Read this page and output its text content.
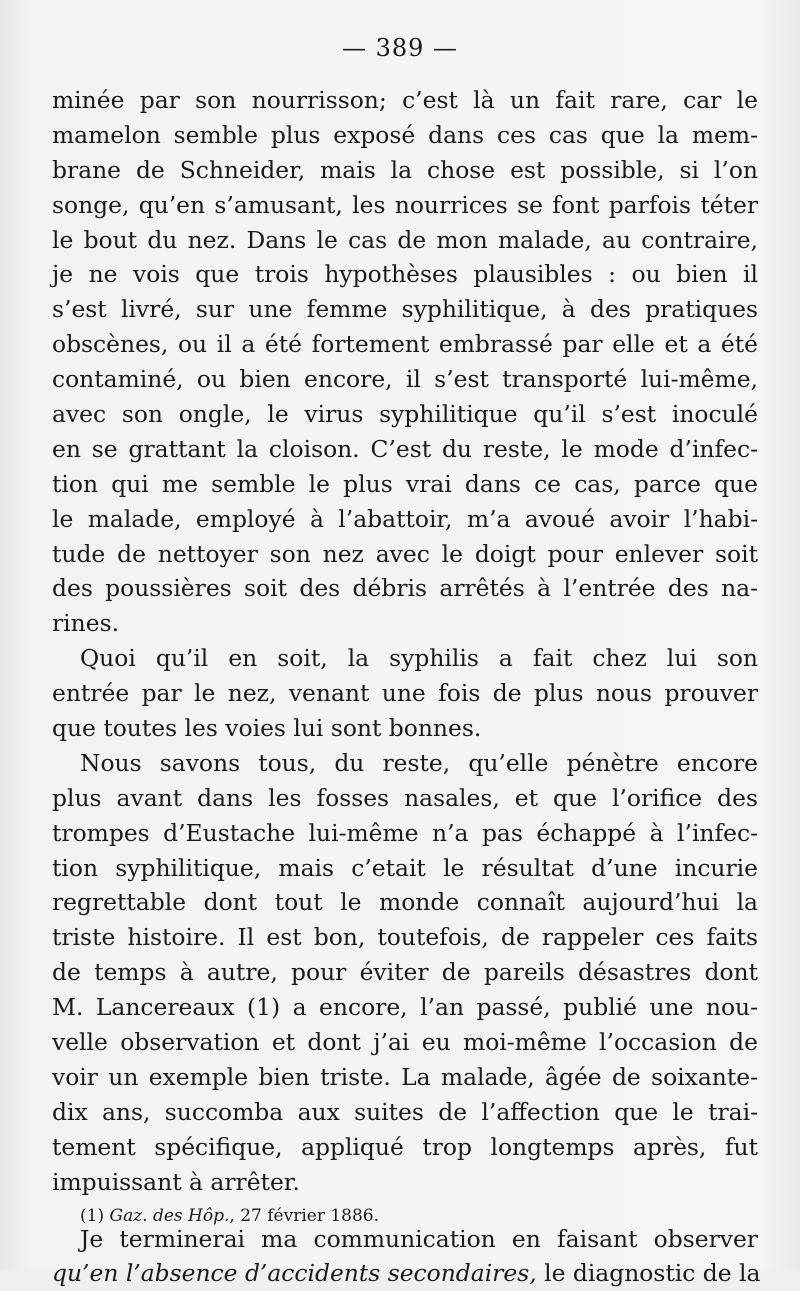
— 389 —
minée par son nourrisson; c’est là un fait rare, car le
mamelon semble plus exposé dans ces cas que la mem-
brane de Schneider, mais la chose est possible, si l’on
songe, qu’en s’amusant, les nourrices se font parfois téter
le bout du nez. Dans le cas de mon malade, au contraire,
je ne vois que trois hypothèses plausibles : ou bien il
s’est livré, sur une femme syphilitique, à des pratiques
obscènes, ou il a été fortement embrassé par elle et a été
contaminé, ou bien encore, il s’est transporté lui-même,
avec son ongle, le virus syphilitique qu’il s’est inoculé
en se grattant la cloison. C’est du reste, le mode d’infec-
tion qui me semble le plus vrai dans ce cas, parce que
le malade, employé à l’abattoir, m’a avoué avoir l’habi-
tude de nettoyer son nez avec le doigt pour enlever soit
des poussières soit des débris arrêtés à l’entrée des na-
rines.
Quoi qu’il en soit, la syphilis a fait chez lui son
entrée par le nez, venant une fois de plus nous prouver
que toutes les voies lui sont bonnes.
Nous savons tous, du reste, qu’elle pénètre encore
plus avant dans les fosses nasales, et que l’orifice des
trompes d’Eustache lui-même n’a pas échappé à l’infec-
tion syphilitique, mais c’etait le résultat d’une incurie
regrettable dont tout le monde connaît aujourd’hui la
triste histoire. Il est bon, toutefois, de rappeler ces faits
de temps à autre, pour éviter de pareils désastres dont
M. Lancereaux (1) a encore, l’an passé, publié une nou-
velle observation et dont j’ai eu moi-même l’occasion de
voir un exemple bien triste. La malade, âgée de soixante-
dix ans, succomba aux suites de l’affection que le trai-
tement spécifique, appliqué trop longtemps après, fut
impuissant à arrêter.
Je terminerai ma communication en faisant observer
qu’en l’absence d’accidents secondaires, le diagnostic de la
(1) Gaz. des Hôp., 27 février 1886.
